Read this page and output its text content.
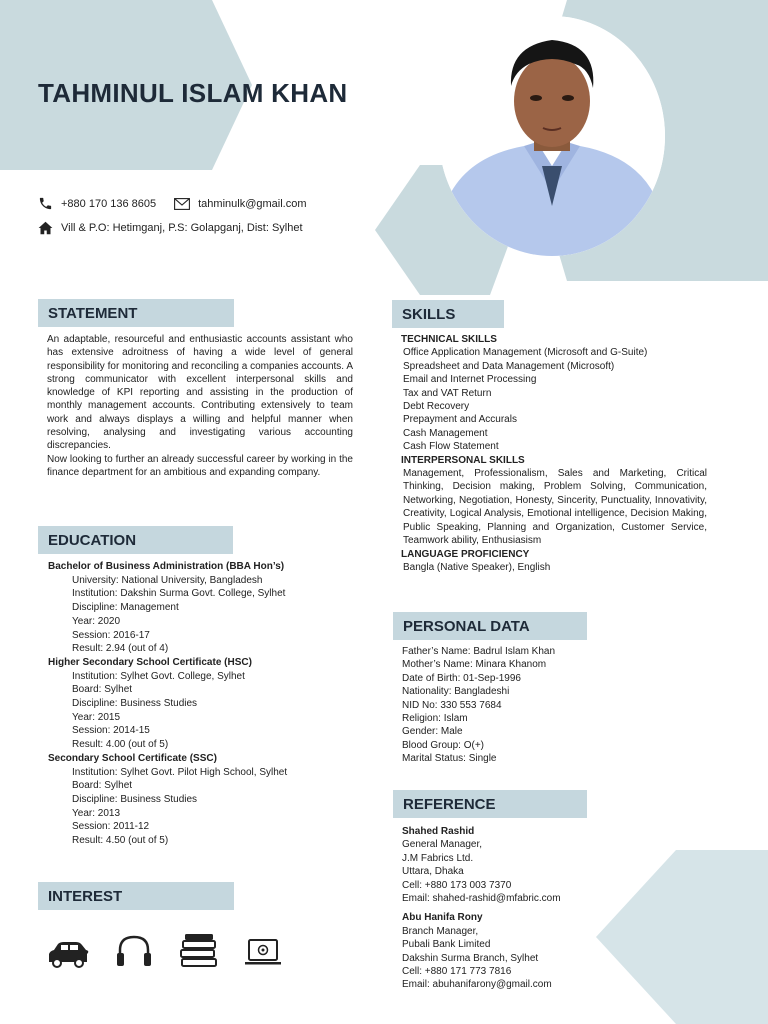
TAHMINUL ISLAM KHAN
+880 170 136 8605	tahminulk@gmail.com
Vill & P.O: Hetimganj, P.S: Golapganj, Dist: Sylhet
STATEMENT

An adaptable, resourceful and enthusiastic accounts assistant who has extensive adroitness of having a wide level of general responsibility for monitoring and reconciling a companies accounts. A strong communicator with excellent interpersonal skills and knowledge of KPI reporting and assisting in the production of monthly management accounts. Contributing extensively to team work and always displays a willing and helpful manner when resolving, analysing and investigating various accounting discrepancies.

Now looking to further an already successful career by working in the finance department for an ambitious and expanding company.

EDUCATION
Bachelor of Business Administration (BBA Hon’s)
University: National University, Bangladesh
Institution: Dakshin Surma Govt. College, Sylhet
Discipline: Management
Year: 2020
Session: 2016-17
Result: 2.94 (out of 4)
Higher Secondary School Certificate (HSC)
Institution: Sylhet Govt. College, Sylhet
Board: Sylhet
Discipline: Business Studies
Year: 2015
Session: 2014-15
Result: 4.00 (out of 5)
Secondary School Certificate (SSC)
Institution: Sylhet Govt. Pilot High School, Sylhet
Board: Sylhet
Discipline: Business Studies
Year: 2013
Session: 2011-12
Result: 4.50 (out of 5)
INTEREST
SKILLS
TECHNICAL SKILLS
Office Application Management (Microsoft and G-Suite)
Spreadsheet and Data Management (Microsoft)
Email and Internet Processing
Tax and VAT Return
Debt Recovery
Prepayment and Accurals
Cash Management
Cash Flow Statement
INTERPERSONAL SKILLS
Management, Professionalism, Sales and Marketing, Critical Thinking, Decision making, Problem Solving, Communication, Networking, Negotiation, Honesty, Sincerity, Punctuality, Innovativity, Creativity, Logical Analysis, Emotional intelligence, Decision Making, Public Speaking, Planning and Organization, Customer Service, Teamwork ability, Enthusiasism
LANGUAGE PROFICIENCY
Bangla (Native Speaker), English
PERSONAL DATA
Father’s Name: Badrul Islam Khan
Mother’s Name: Minara Khanom
Date of Birth: 01-Sep-1996
Nationality: Bangladeshi
NID No: 330 553 7684
Religion: Islam
Gender: Male
Blood Group: O(+)
Marital Status: Single
REFERENCE
Shahed Rashid
General Manager,
J.M Fabrics Ltd.
Uttara, Dhaka
Cell: +880 173 003 7370
Email: shahed-rashid@mfabric.com
Abu Hanifa Rony
Branch Manager,
Pubali Bank Limited
Dakshin Surma Branch, Sylhet
Cell: +880 171 773 7816
Email: abuhanifarony@gmail.com
